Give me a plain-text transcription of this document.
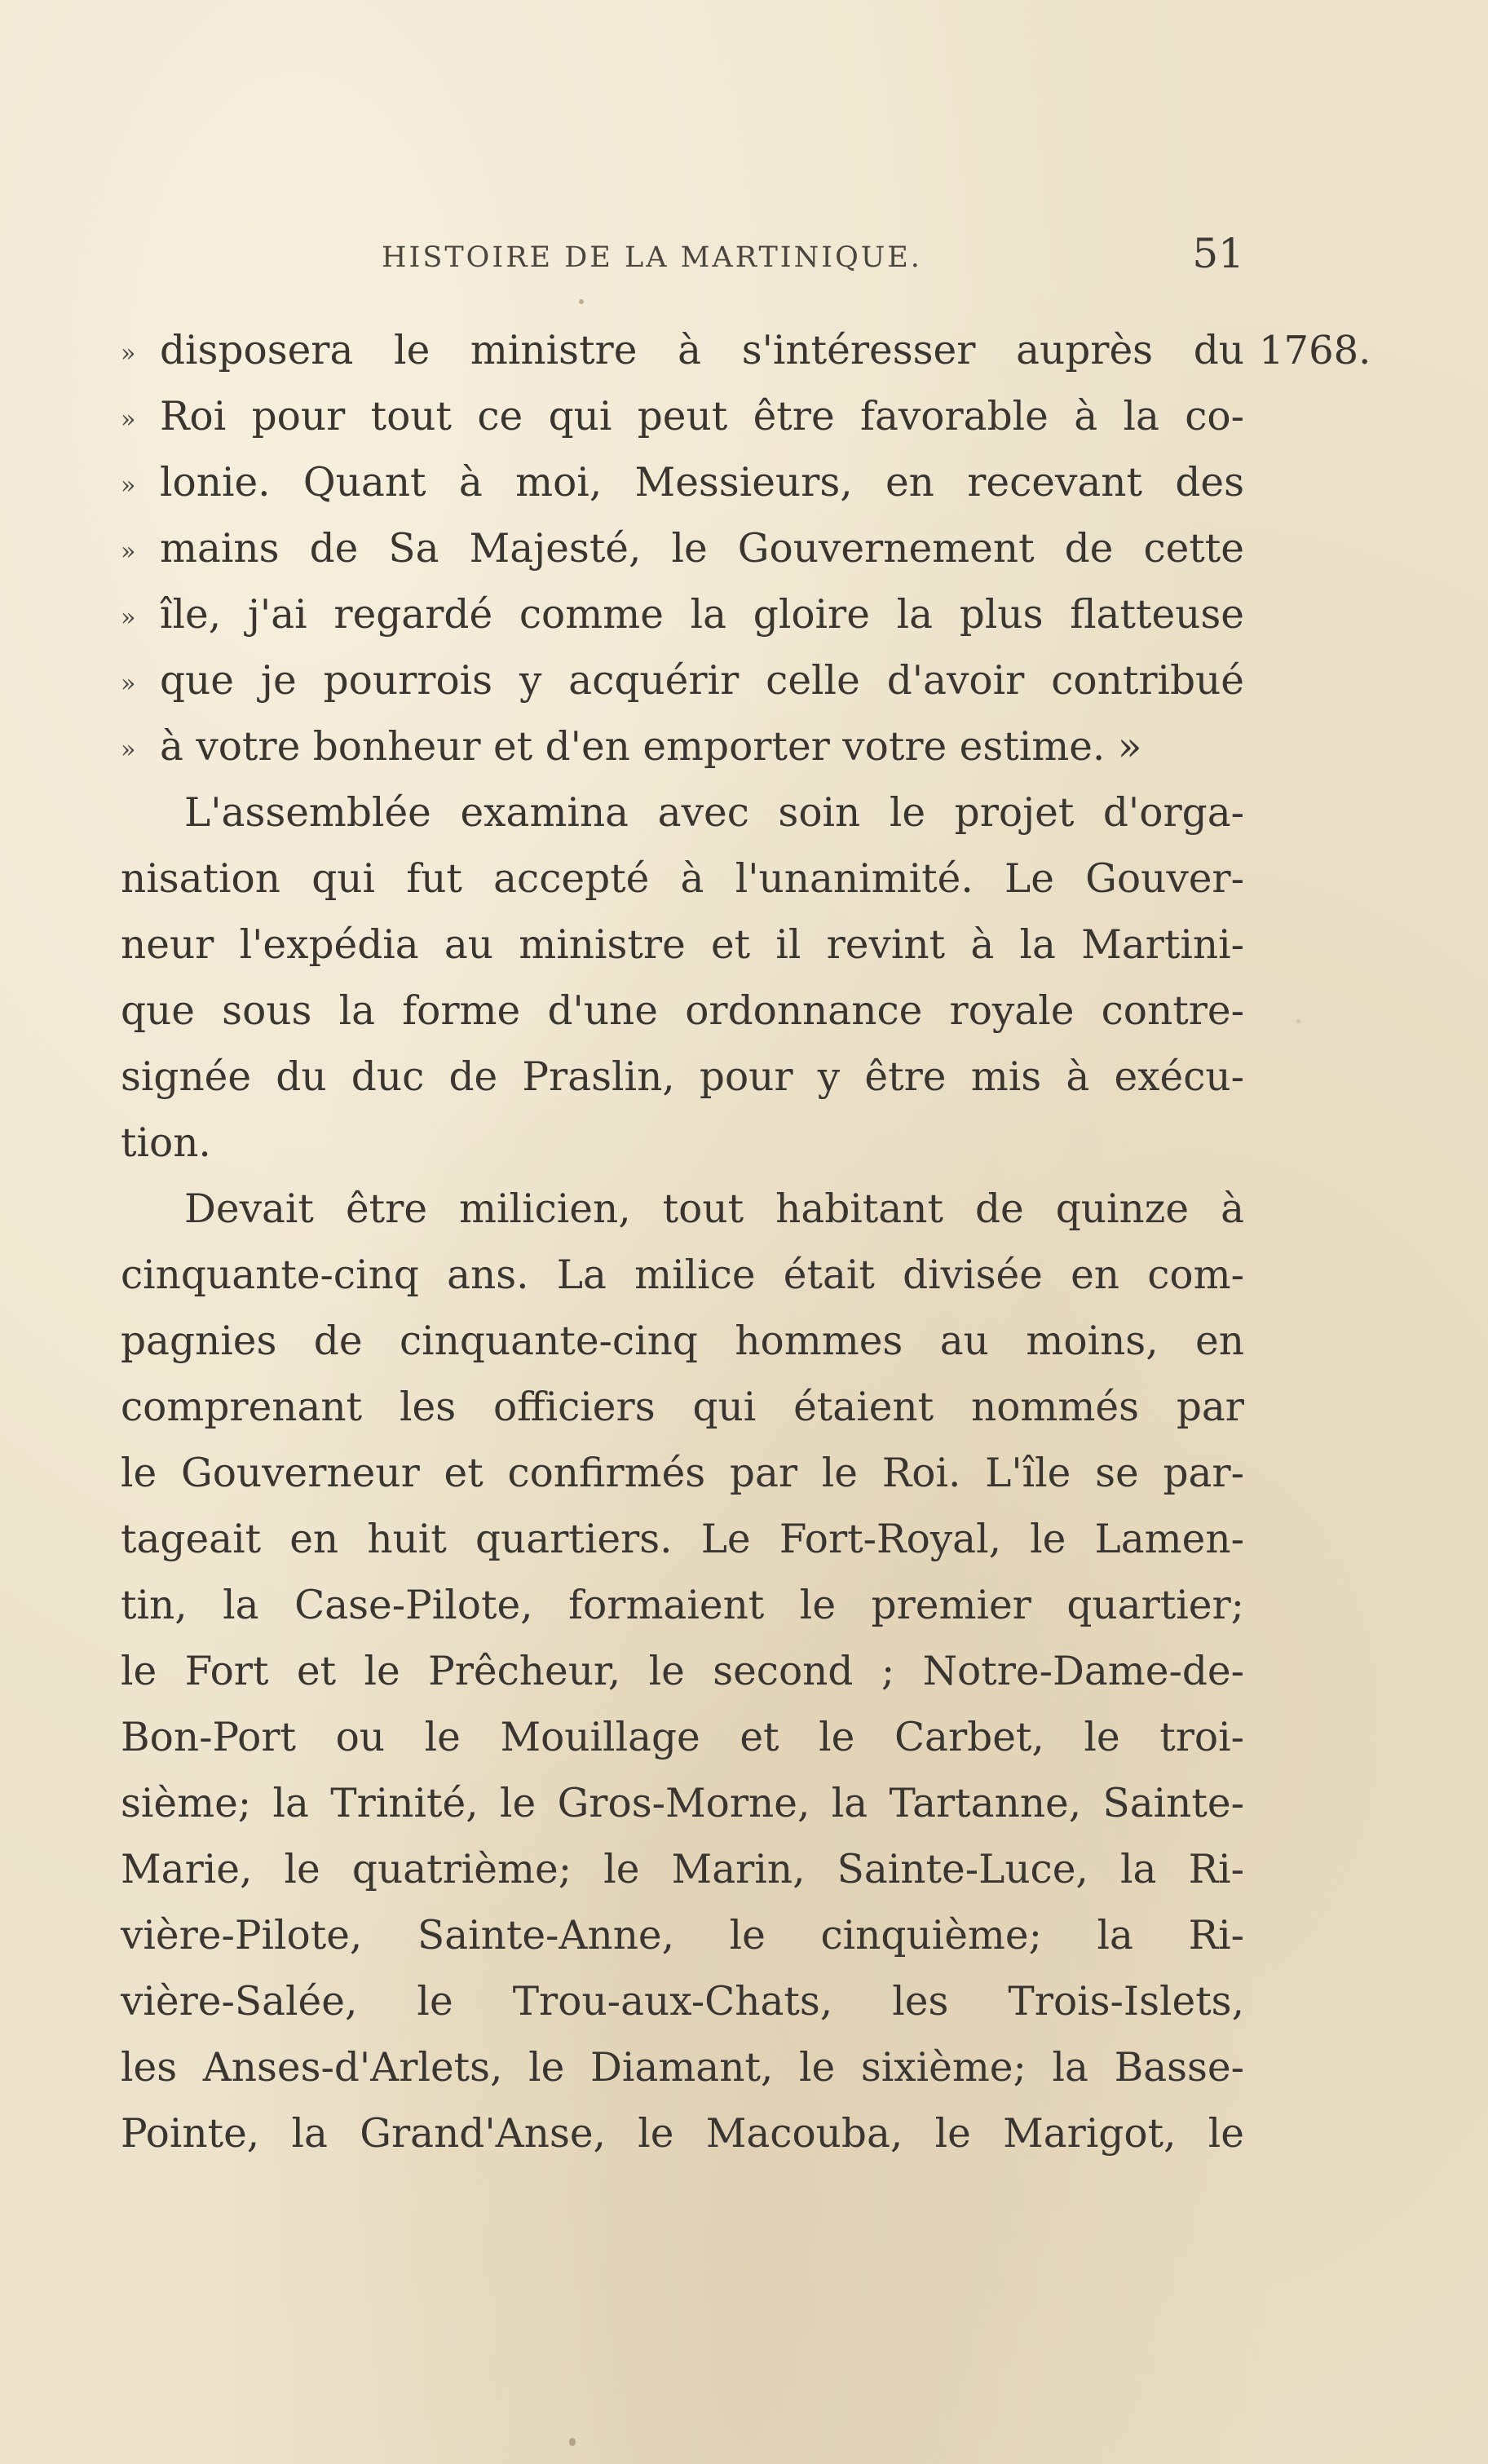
HISTOIRE DE LA MARTINIQUE.	51
1768.
» disposera le ministre à s'intéresser auprès du
» Roi pour tout ce qui peut être favorable à la co-
» lonie. Quant à moi, Messieurs, en recevant des
» mains de Sa Majesté, le Gouvernement de cette
» île, j'ai regardé comme la gloire la plus flatteuse
» que je pourrois y acquérir celle d'avoir contribué
» à votre bonheur et d'en emporter votre estime. »
L'assemblée examina avec soin le projet d'orga-
nisation qui fut accepté à l'unanimité. Le Gouver-
neur l'expédia au ministre et il revint à la Martini-
que sous la forme d'une ordonnance royale contre-
signée du duc de Praslin, pour y être mis à exécu-
tion.
Devait être milicien, tout habitant de quinze à
cinquante-cinq ans. La milice était divisée en com-
pagnies de cinquante-cinq hommes au moins, en
comprenant les officiers qui étaient nommés par
le Gouverneur et confirmés par le Roi. L'île se par-
tageait en huit quartiers. Le Fort-Royal, le Lamen-
tin, la Case-Pilote, formaient le premier quartier;
le Fort et le Prêcheur, le second ; Notre-Dame-de-
Bon-Port ou le Mouillage et le Carbet, le troi-
sième; la Trinité, le Gros-Morne, la Tartanne, Sainte-
Marie, le quatrième; le Marin, Sainte-Luce, la Ri-
vière-Pilote, Sainte-Anne, le cinquième; la Ri-
vière-Salée, le Trou-aux-Chats, les Trois-Islets,
les Anses-d'Arlets, le Diamant, le sixième; la Basse-
Pointe, la Grand'Anse, le Macouba, le Marigot, le
